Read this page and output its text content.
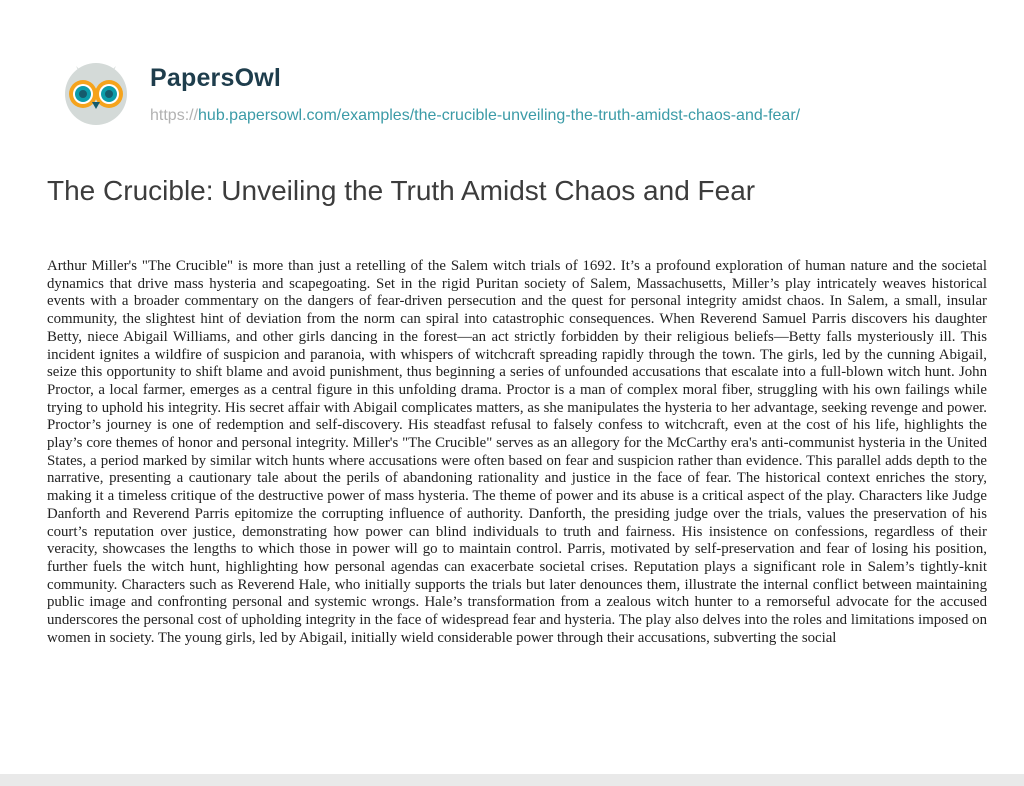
PapersOwl
https://hub.papersowl.com/examples/the-crucible-unveiling-the-truth-amidst-chaos-and-fear/
The Crucible: Unveiling the Truth Amidst Chaos and Fear

Arthur Miller's "The Crucible" is more than just a retelling of the Salem witch trials of 1692. It’s a profound exploration of human nature and the societal dynamics that drive mass hysteria and scapegoating. Set in the rigid Puritan society of Salem, Massachusetts, Miller’s play intricately weaves historical events with a broader commentary on the dangers of fear-driven persecution and the quest for personal integrity amidst chaos. In Salem, a small, insular community, the slightest hint of deviation from the norm can spiral into catastrophic consequences. When Reverend Samuel Parris discovers his daughter Betty, niece Abigail Williams, and other girls dancing in the forest—an act strictly forbidden by their religious beliefs—Betty falls mysteriously ill. This incident ignites a wildfire of suspicion and paranoia, with whispers of witchcraft spreading rapidly through the town. The girls, led by the cunning Abigail, seize this opportunity to shift blame and avoid punishment, thus beginning a series of unfounded accusations that escalate into a full-blown witch hunt. John Proctor, a local farmer, emerges as a central figure in this unfolding drama. Proctor is a man of complex moral fiber, struggling with his own failings while trying to uphold his integrity. His secret affair with Abigail complicates matters, as she manipulates the hysteria to her advantage, seeking revenge and power. Proctor’s journey is one of redemption and self-discovery. His steadfast refusal to falsely confess to witchcraft, even at the cost of his life, highlights the play’s core themes of honor and personal integrity. Miller's "The Crucible" serves as an allegory for the McCarthy era's anti-communist hysteria in the United States, a period marked by similar witch hunts where accusations were often based on fear and suspicion rather than evidence. This parallel adds depth to the narrative, presenting a cautionary tale about the perils of abandoning rationality and justice in the face of fear. The historical context enriches the story, making it a timeless critique of the destructive power of mass hysteria. The theme of power and its abuse is a critical aspect of the play. Characters like Judge Danforth and Reverend Parris epitomize the corrupting influence of authority. Danforth, the presiding judge over the trials, values the preservation of his court’s reputation over justice, demonstrating how power can blind individuals to truth and fairness. His insistence on confessions, regardless of their veracity, showcases the lengths to which those in power will go to maintain control. Parris, motivated by self-preservation and fear of losing his position, further fuels the witch hunt, highlighting how personal agendas can exacerbate societal crises. Reputation plays a significant role in Salem’s tightly-knit community. Characters such as Reverend Hale, who initially supports the trials but later denounces them, illustrate the internal conflict between maintaining public image and confronting personal and systemic wrongs. Hale’s transformation from a zealous witch hunter to a remorseful advocate for the accused underscores the personal cost of upholding integrity in the face of widespread fear and hysteria. The play also delves into the roles and limitations imposed on women in society. The young girls, led by Abigail, initially wield considerable power through their accusations, subverting the social
